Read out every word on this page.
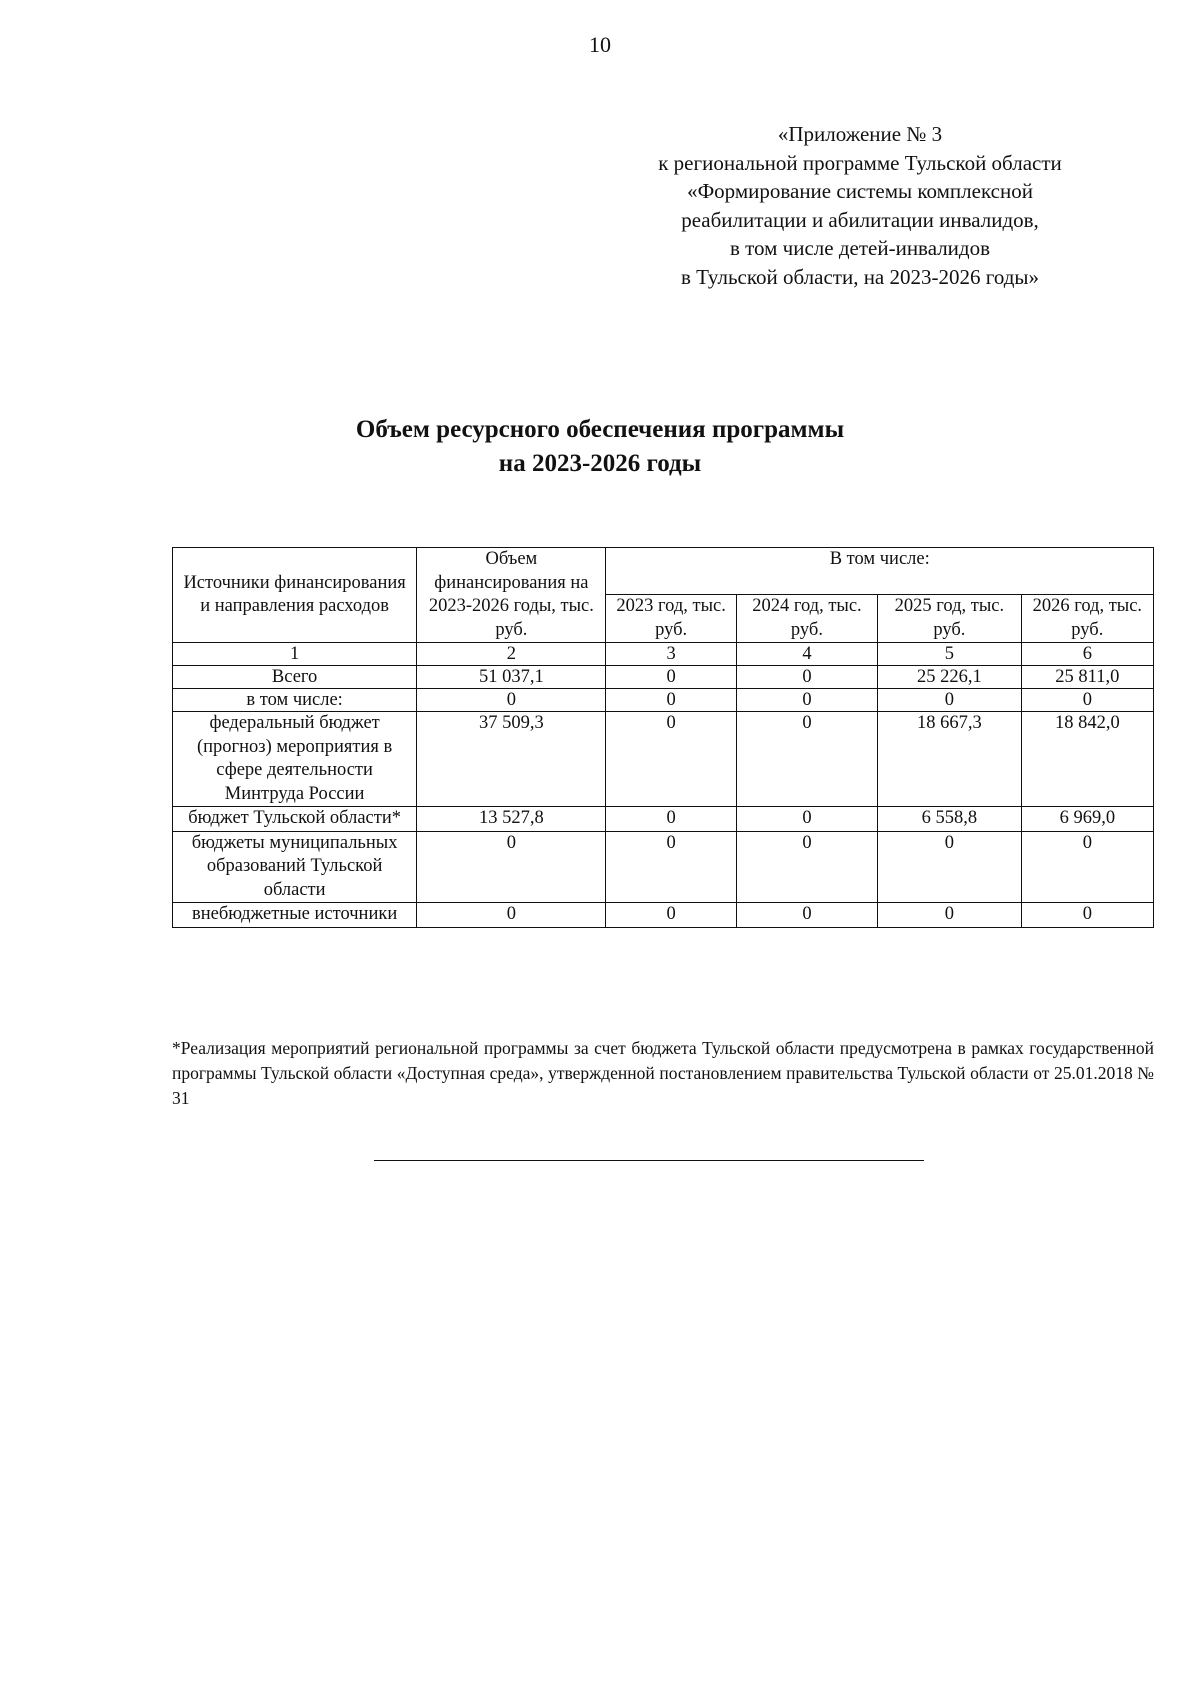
10
«Приложение № 3
к региональной программе Тульской области
«Формирование системы комплексной
реабилитации и абилитации инвалидов,
в том числе детей-инвалидов
в Тульской области, на 2023-2026 годы»
Объем ресурсного обеспечения программы
на 2023-2026 годы
Источники финансирования и направления расходов	Объем финансирования на 2023-2026 годы, тыс. руб.	В том числе:			
		2023 год, тыс. руб.	2024 год, тыс. руб.	2025 год, тыс. руб.	2026 год, тыс. руб.
1	2	3	4	5	6
Всего	51 037,1	0	0	25 226,1	25 811,0
в том числе:	0	0	0	0	0
федеральный бюджет (прогноз) мероприятия в сфере деятельности Минтруда России	37 509,3	0	0	18 667,3	18 842,0
бюджет Тульской области*	13 527,8	0	0	6 558,8	6 969,0
бюджеты муниципальных образований Тульской области	0	0	0	0	0
внебюджетные источники	0	0	0	0	0
*Реализация мероприятий региональной программы за счет бюджета Тульской области предусмотрена в рамках государственной программы Тульской области «Доступная среда», утвержденной постановлением правительства Тульской области от 25.01.2018 № 31
